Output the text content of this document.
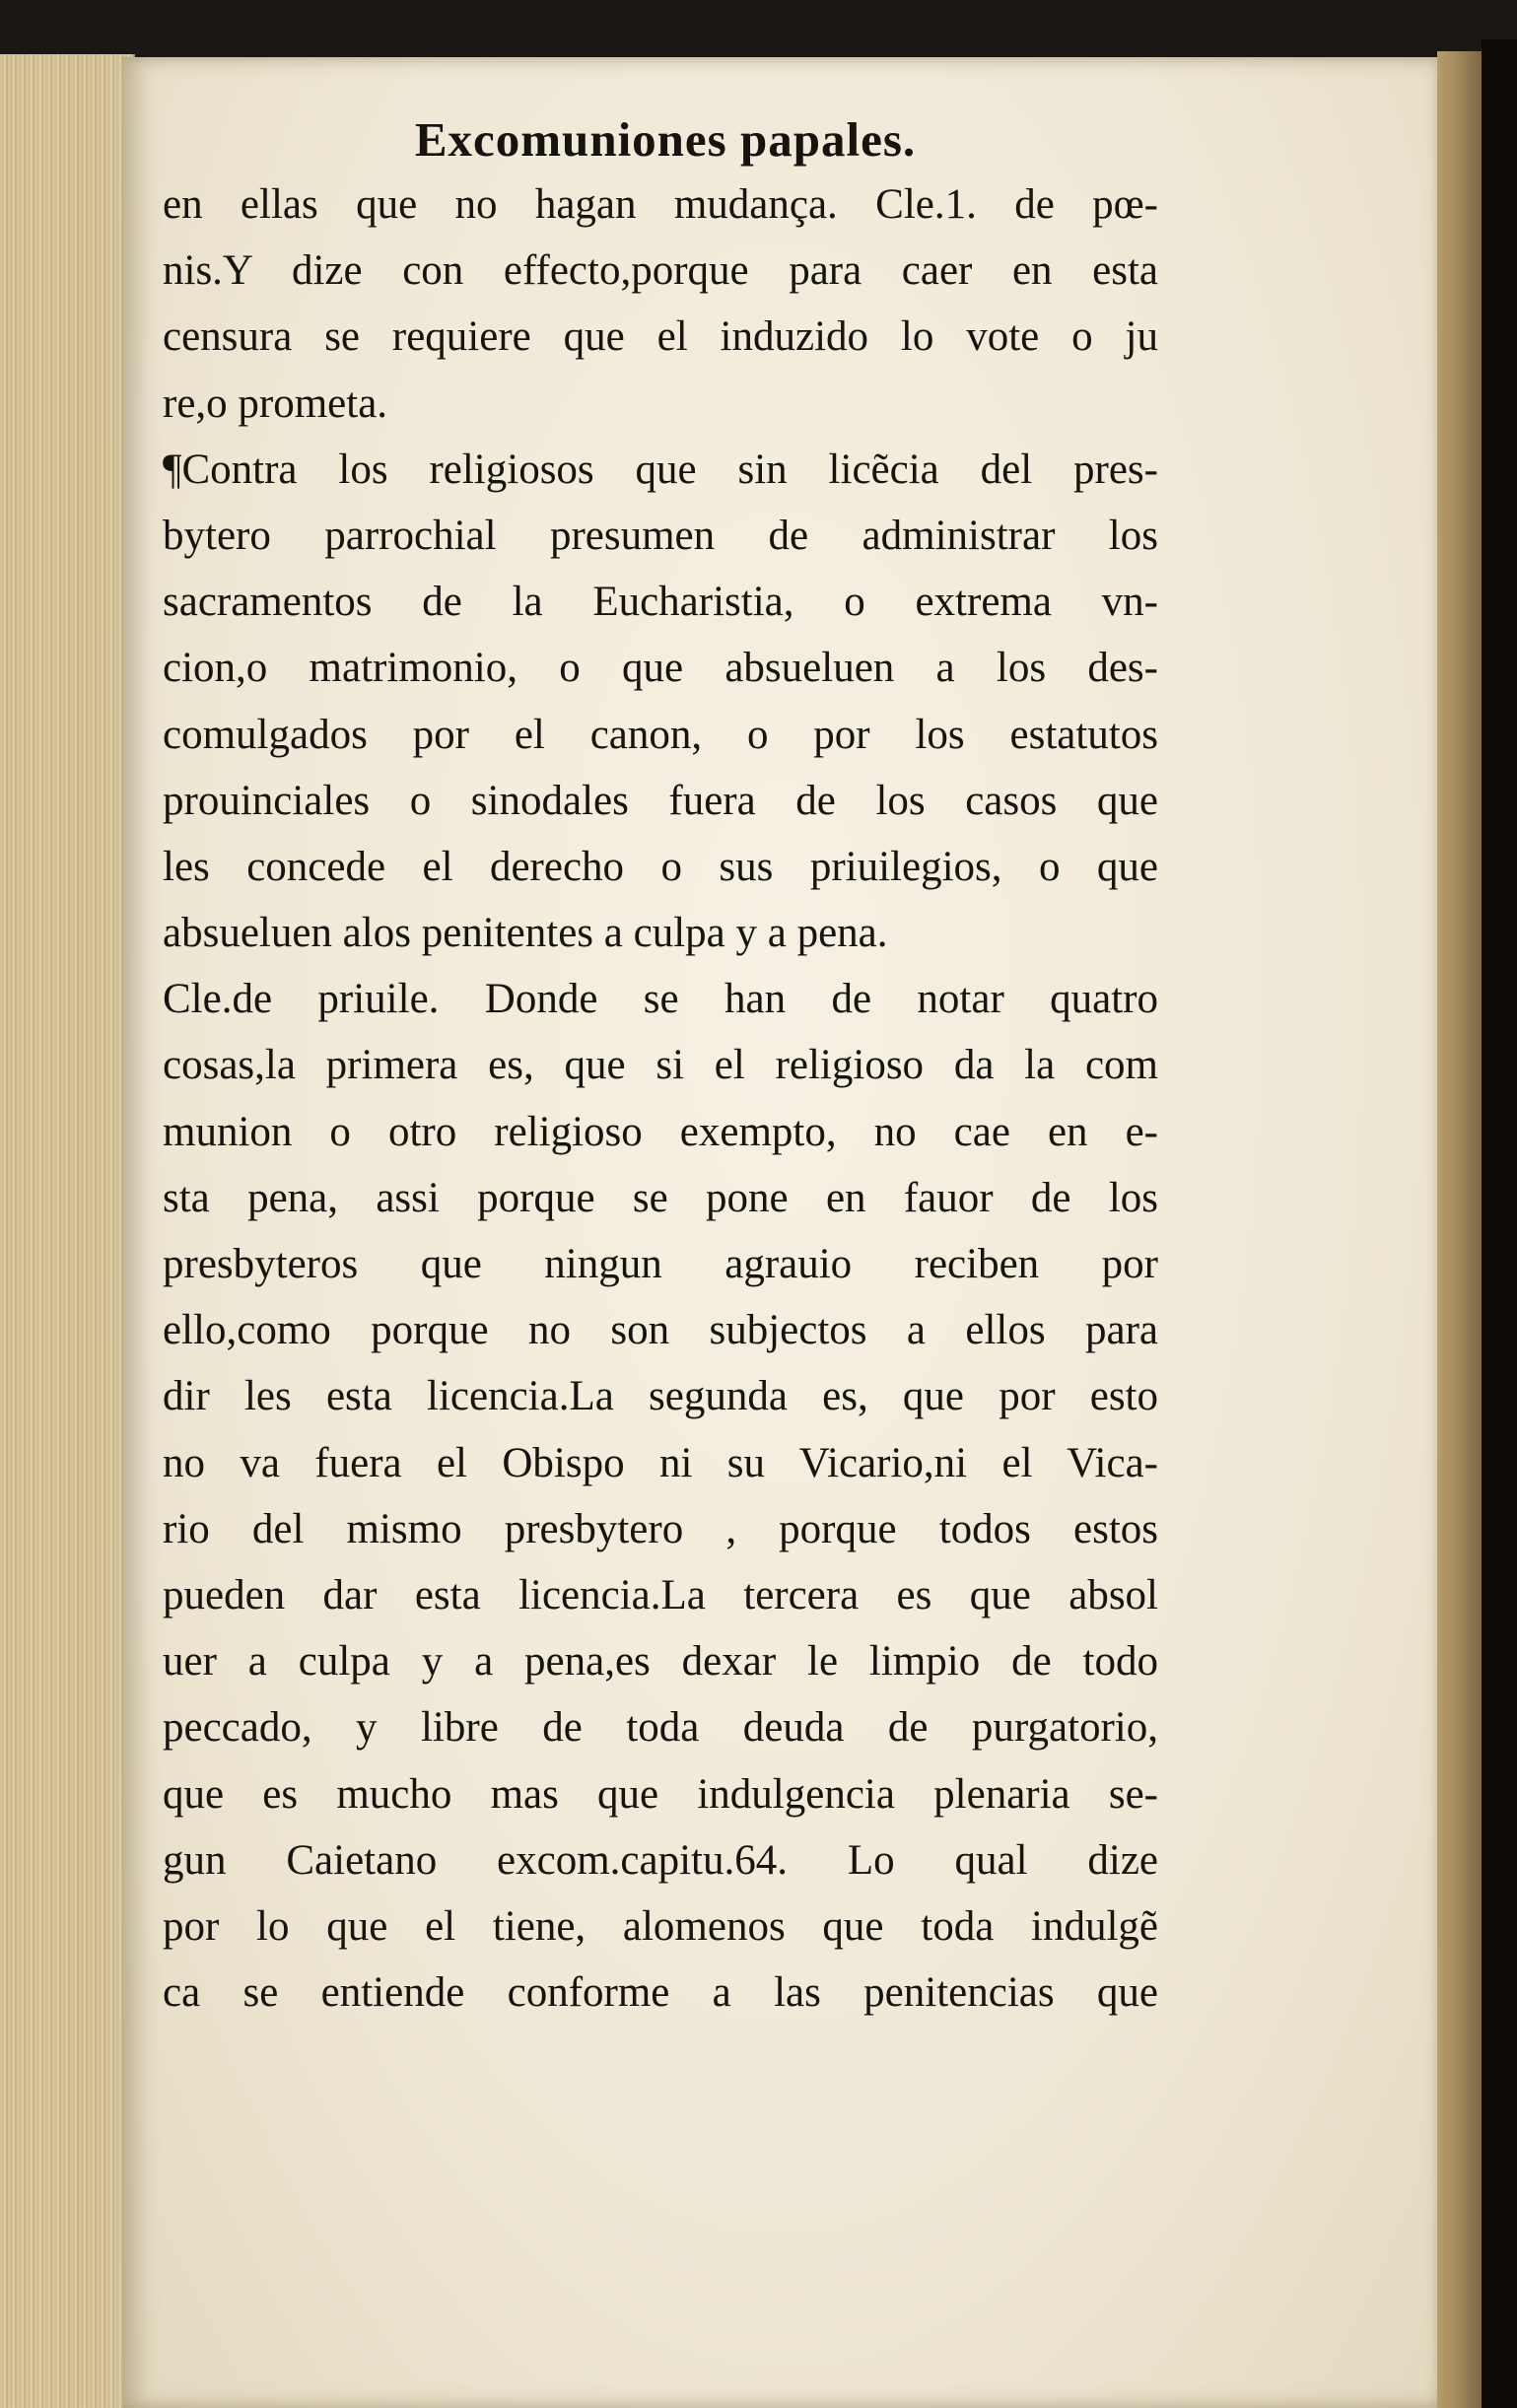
Excomuniones papales.
en ellas que no hagan mudança. Cle.1. de pœ-
nis.Y dize con effecto,porque para caer en esta
censura se requiere que el induzido lo vote o ju
re,o prometa.
¶Contra los religiosos que sin licẽcia del pres-
bytero parrochial presumen de administrar los
sacramentos de la Eucharistia, o extrema vn-
cion,o matrimonio, o que absueluen a los des-
comulgados por el canon, o por los estatutos
prouinciales o sinodales fuera de los casos que
les concede el derecho o sus priuilegios, o que
absueluen alos penitentes a culpa y a pena.
Cle.de priuile. Donde se han de notar quatro
cosas,la primera es, que si el religioso da la com
munion o otro religioso exempto, no cae en e-
sta pena, assi porque se pone en fauor de los
presbyteros que ningun agrauio reciben por
ello,como porque no son subjectos a ellos para
dir les esta licencia.La segunda es, que por esto
no va fuera el Obispo ni su Vicario,ni el Vica-
rio del mismo presbytero , porque todos estos
pueden dar esta licencia.La tercera es que absol
uer a culpa y a pena,es dexar le limpio de todo
peccado, y libre de toda deuda de purgatorio,
que es mucho mas que indulgencia plenaria se-
gun Caietano excom.capitu.64. Lo qual dize
por lo que el tiene, alomenos que toda indulgẽ
ca se entiende conforme a las penitencias que
